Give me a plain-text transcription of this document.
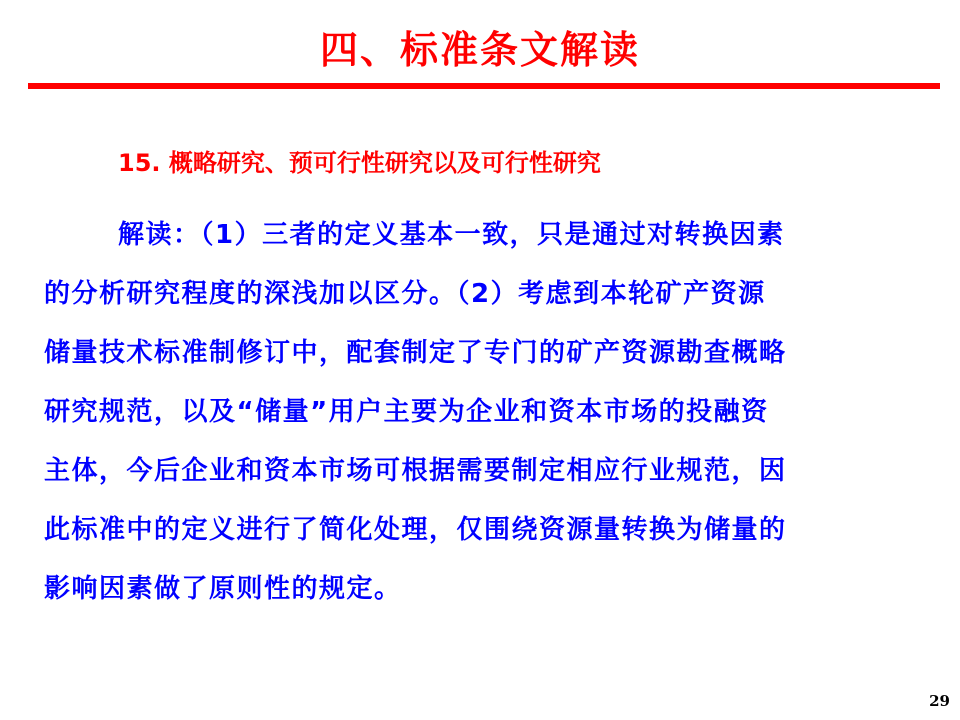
四、标准条文解读
15. 概略研究、预可行性研究以及可行性研究
解读：（1）三者的定义基本一致，只是通过对转换因素
的分析研究程度的深浅加以区分。（2）考虑到本轮矿产资源
储量技术标准制修订中，配套制定了专门的矿产资源勘查概略
研究规范，以及“储量”用户主要为企业和资本市场的投融资
主体，今后企业和资本市场可根据需要制定相应行业规范，因
此标准中的定义进行了简化处理，仅围绕资源量转换为储量的
影响因素做了原则性的规定。
29
